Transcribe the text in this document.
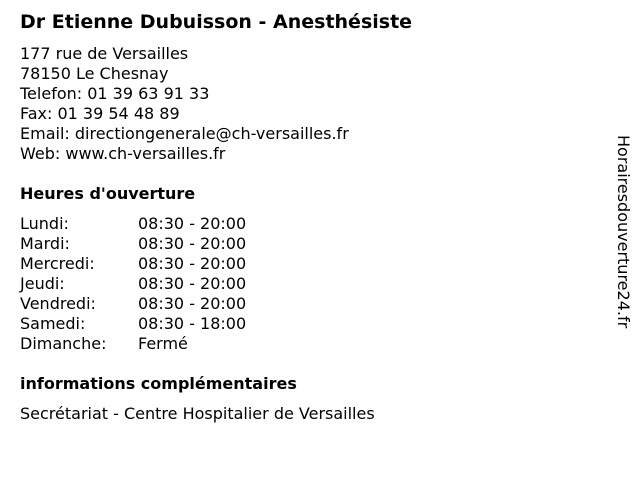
Dr Etienne Dubuisson - Anesthésiste
177 rue de Versailles
78150 Le Chesnay
Telefon: 01 39 63 91 33
Fax: 01 39 54 48 89
Email: directiongenerale@ch-versailles.fr
Web: www.ch-versailles.fr
Heures d'ouverture
Lundi:	08:30 - 20:00
Mardi:	08:30 - 20:00
Mercredi:	08:30 - 20:00
Jeudi:	08:30 - 20:00
Vendredi:	08:30 - 20:00
Samedi:	08:30 - 18:00
Dimanche: Fermé
informations complémentaires
Secrétariat - Centre Hospitalier de Versailles
Horairesdouverture24.fr
